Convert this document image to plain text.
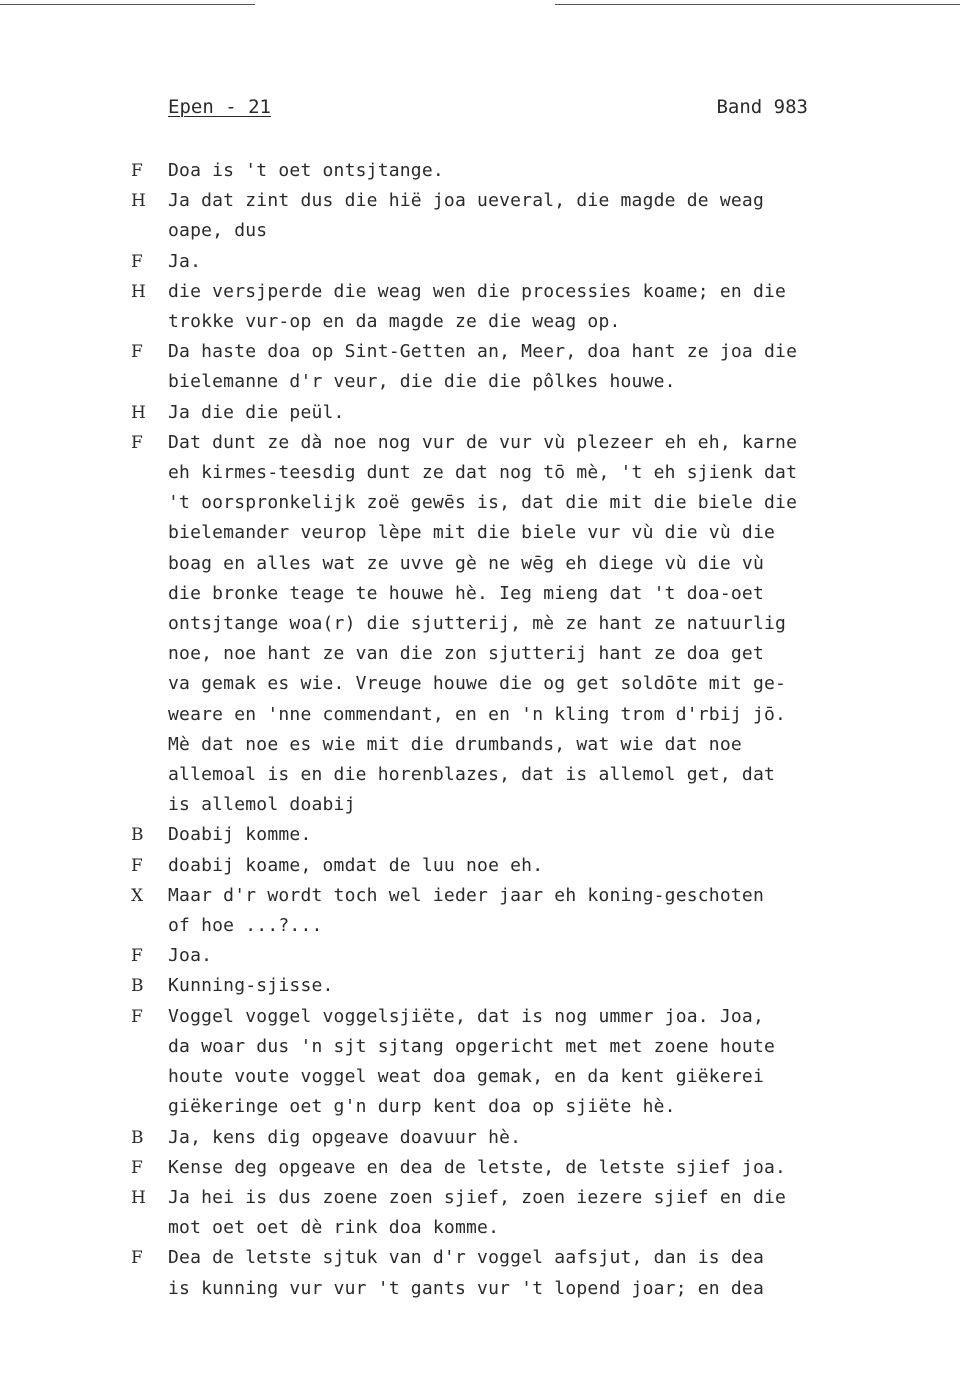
Epen - 21	Band 983
F	Doa is 't oet ontsjtange.
H Ja dat zint dus die hië joa ueveral, die magde de weag
oape, dus
F	Ja.
H die versjperde die weag wen die processies koame; en die
trokke vur-op en da magde ze die weag op.
F	Da haste doa op Sint-Getten an, Meer, doa hant ze joa die
bielemanne d'r veur, die die die pôlkes houwe.
H Ja die die peül.
F	Dat dunt ze dà noe nog vur de vur vù plezeer eh eh, karne
eh kirmes-teesdig dunt ze dat nog tō mè, 't eh sjienk dat
't oorspronkelijk zoë gewēs is, dat die mit die biele die
bielemander veurop lèpe mit die biele vur vù die vù die
boag en alles wat ze uvve gè ne wēg eh diege vù die vù
die bronke teage te houwe hè. Ieg mieng dat 't doa-oet
ontsjtange woa(r) die sjutterij, mè ze hant ze natuurlig
noe, noe hant ze van die zon sjutterij hant ze doa get
va gemak es wie. Vreuge houwe die og get soldōte mit ge-
weare en 'nne commendant, en en 'n kling trom d'rbij jō.
Mè dat noe es wie mit die drumbands, wat wie dat noe
allemoal is en die horenblazes, dat is allemol get, dat
is allemol doabij
B	Doabij komme.
F	doabij koame, omdat de luu noe eh.
X	Maar d'r wordt toch wel ieder jaar eh koning-geschoten
of hoe ...?...
F	Joa.
B	Kunning-sjisse.
F	Voggel voggel voggelsjiëte, dat is nog ummer joa. Joa,
da woar dus 'n sjt sjtang opgericht met met zoene houte
houte voute voggel weat doa gemak, en da kent giëkerei
giëkeringe oet g'n durp kent doa op sjiëte hè.
B	Ja, kens dig opgeave doavuur hè.
F	Kense deg opgeave en dea de letste, de letste sjief joa.
H Ja hei is dus zoene zoen sjief, zoen iezere sjief en die
mot oet oet dè rink doa komme.
F	Dea de letste sjtuk van d'r voggel aafsjut, dan is dea
is kunning vur vur 't gants vur 't lopend joar; en dea
